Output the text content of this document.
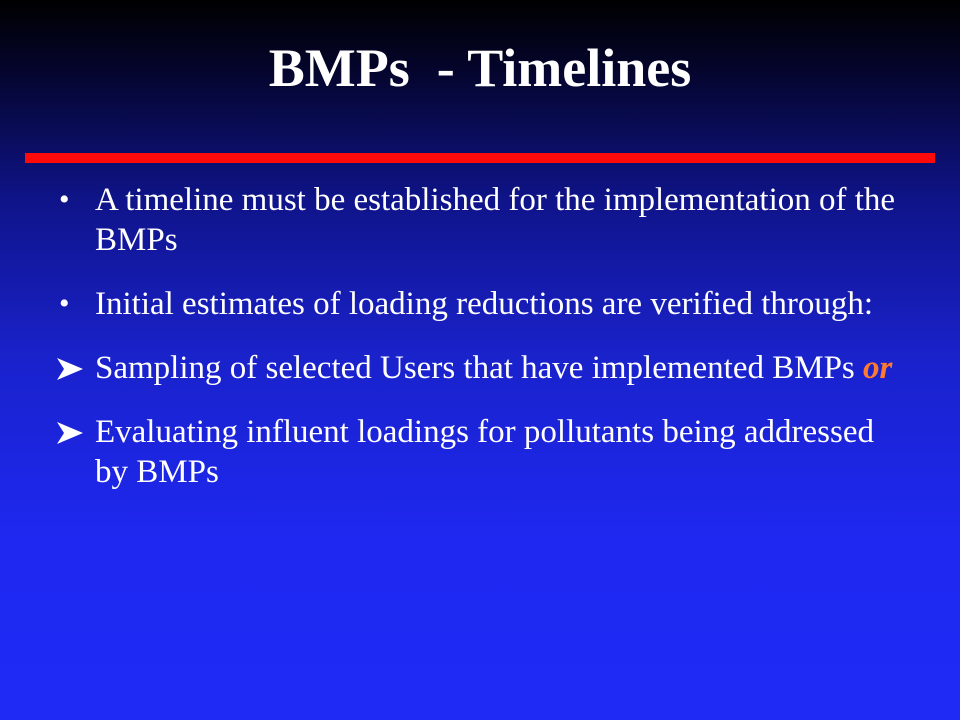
BMPs  - Timelines
• A timeline must be established for the implementation of the BMPs
• Initial estimates of loading reductions are verified through:
Sampling of selected Users that have implemented BMPs or
Evaluating influent loadings for pollutants being addressed by BMPs
